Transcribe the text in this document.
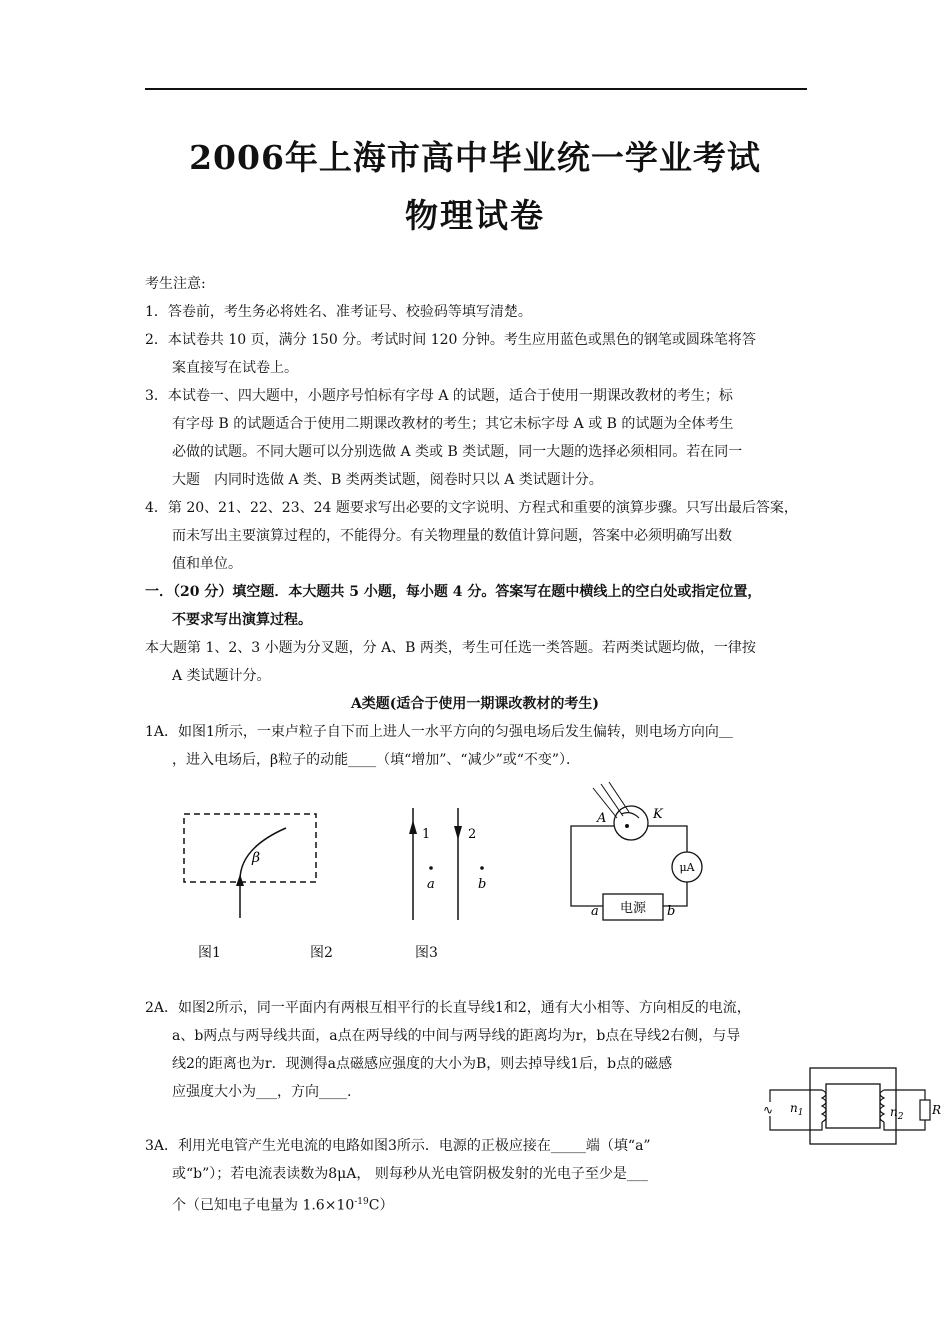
2006年上海市高中毕业统一学业考试
物理试卷
考生注意:
1．答卷前，考生务必将姓名、准考证号、校验码等填写清楚。
2．本试卷共 10 页，满分 150 分。考试时间 120 分钟。考生应用蓝色或黑色的钢笔或圆珠笔将答
案直接写在试卷上。
3．本试卷一、四大题中，小题序号怕标有字母 A 的试题，适合于使用一期课改教材的考生；标
有字母 B 的试题适合于使用二期课改教材的考生；其它未标字母 A 或 B 的试题为全体考生
必做的试题。不同大题可以分别选做 A 类或 B 类试题，同一大题的选择必须相同。若在同一
大题　内同时选做 A 类、B 类两类试题，阅卷时只以 A 类试题计分。
4．第 20、21、22、23、24 题要求写出必要的文字说明、方程式和重要的演算步骤。只写出最后答案，
而未写出主要演算过程的，不能得分。有关物理量的数值计算问题，答案中必须明确写出数
值和单位。
一．（20 分）填空题．本大题共 5 小题，每小题 4 分。答案写在题中横线上的空白处或指定位置，
不要求写出演算过程。
本大题第 1、2、3 小题为分叉题，分 A、B 两类，考生可任选一类答题。若两类试题均做，一律按
A 类试题计分。
A类题(适合于使用一期课改教材的考生)
1A．如图1所示，一束卢粒子自下而上进人一水平方向的匀强电场后发生偏转，则电场方向向＿
，进入电场后，β粒子的动能____（填“增加”、“减少”或“不变”）．
β
1	2
a	b
A	K
μA
电源
a	b
图1	图2	图3
2A．如图2所示，同一平面内有两根互相平行的长直导线1和2，通有大小相等、方向相反的电流，
a、b两点与两导线共面，a点在两导线的中间与两导线的距离均为r，b点在导线2右侧，与导
线2的距离也为r．现测得a点磁感应强度的大小为B，则去掉导线1后，b点的磁感
应强度大小为___，方向____.
∿ $n_1$	$n_2$ R
3A．利用光电管产生光电流的电路如图3所示．电源的正极应接在_____端（填“a”
或“b”）；若电流表读数为8μA， 则每秒从光电管阴极发射的光电子至少是___
个（已知电子电量为 $1.6\times 10^{-19}C$）
